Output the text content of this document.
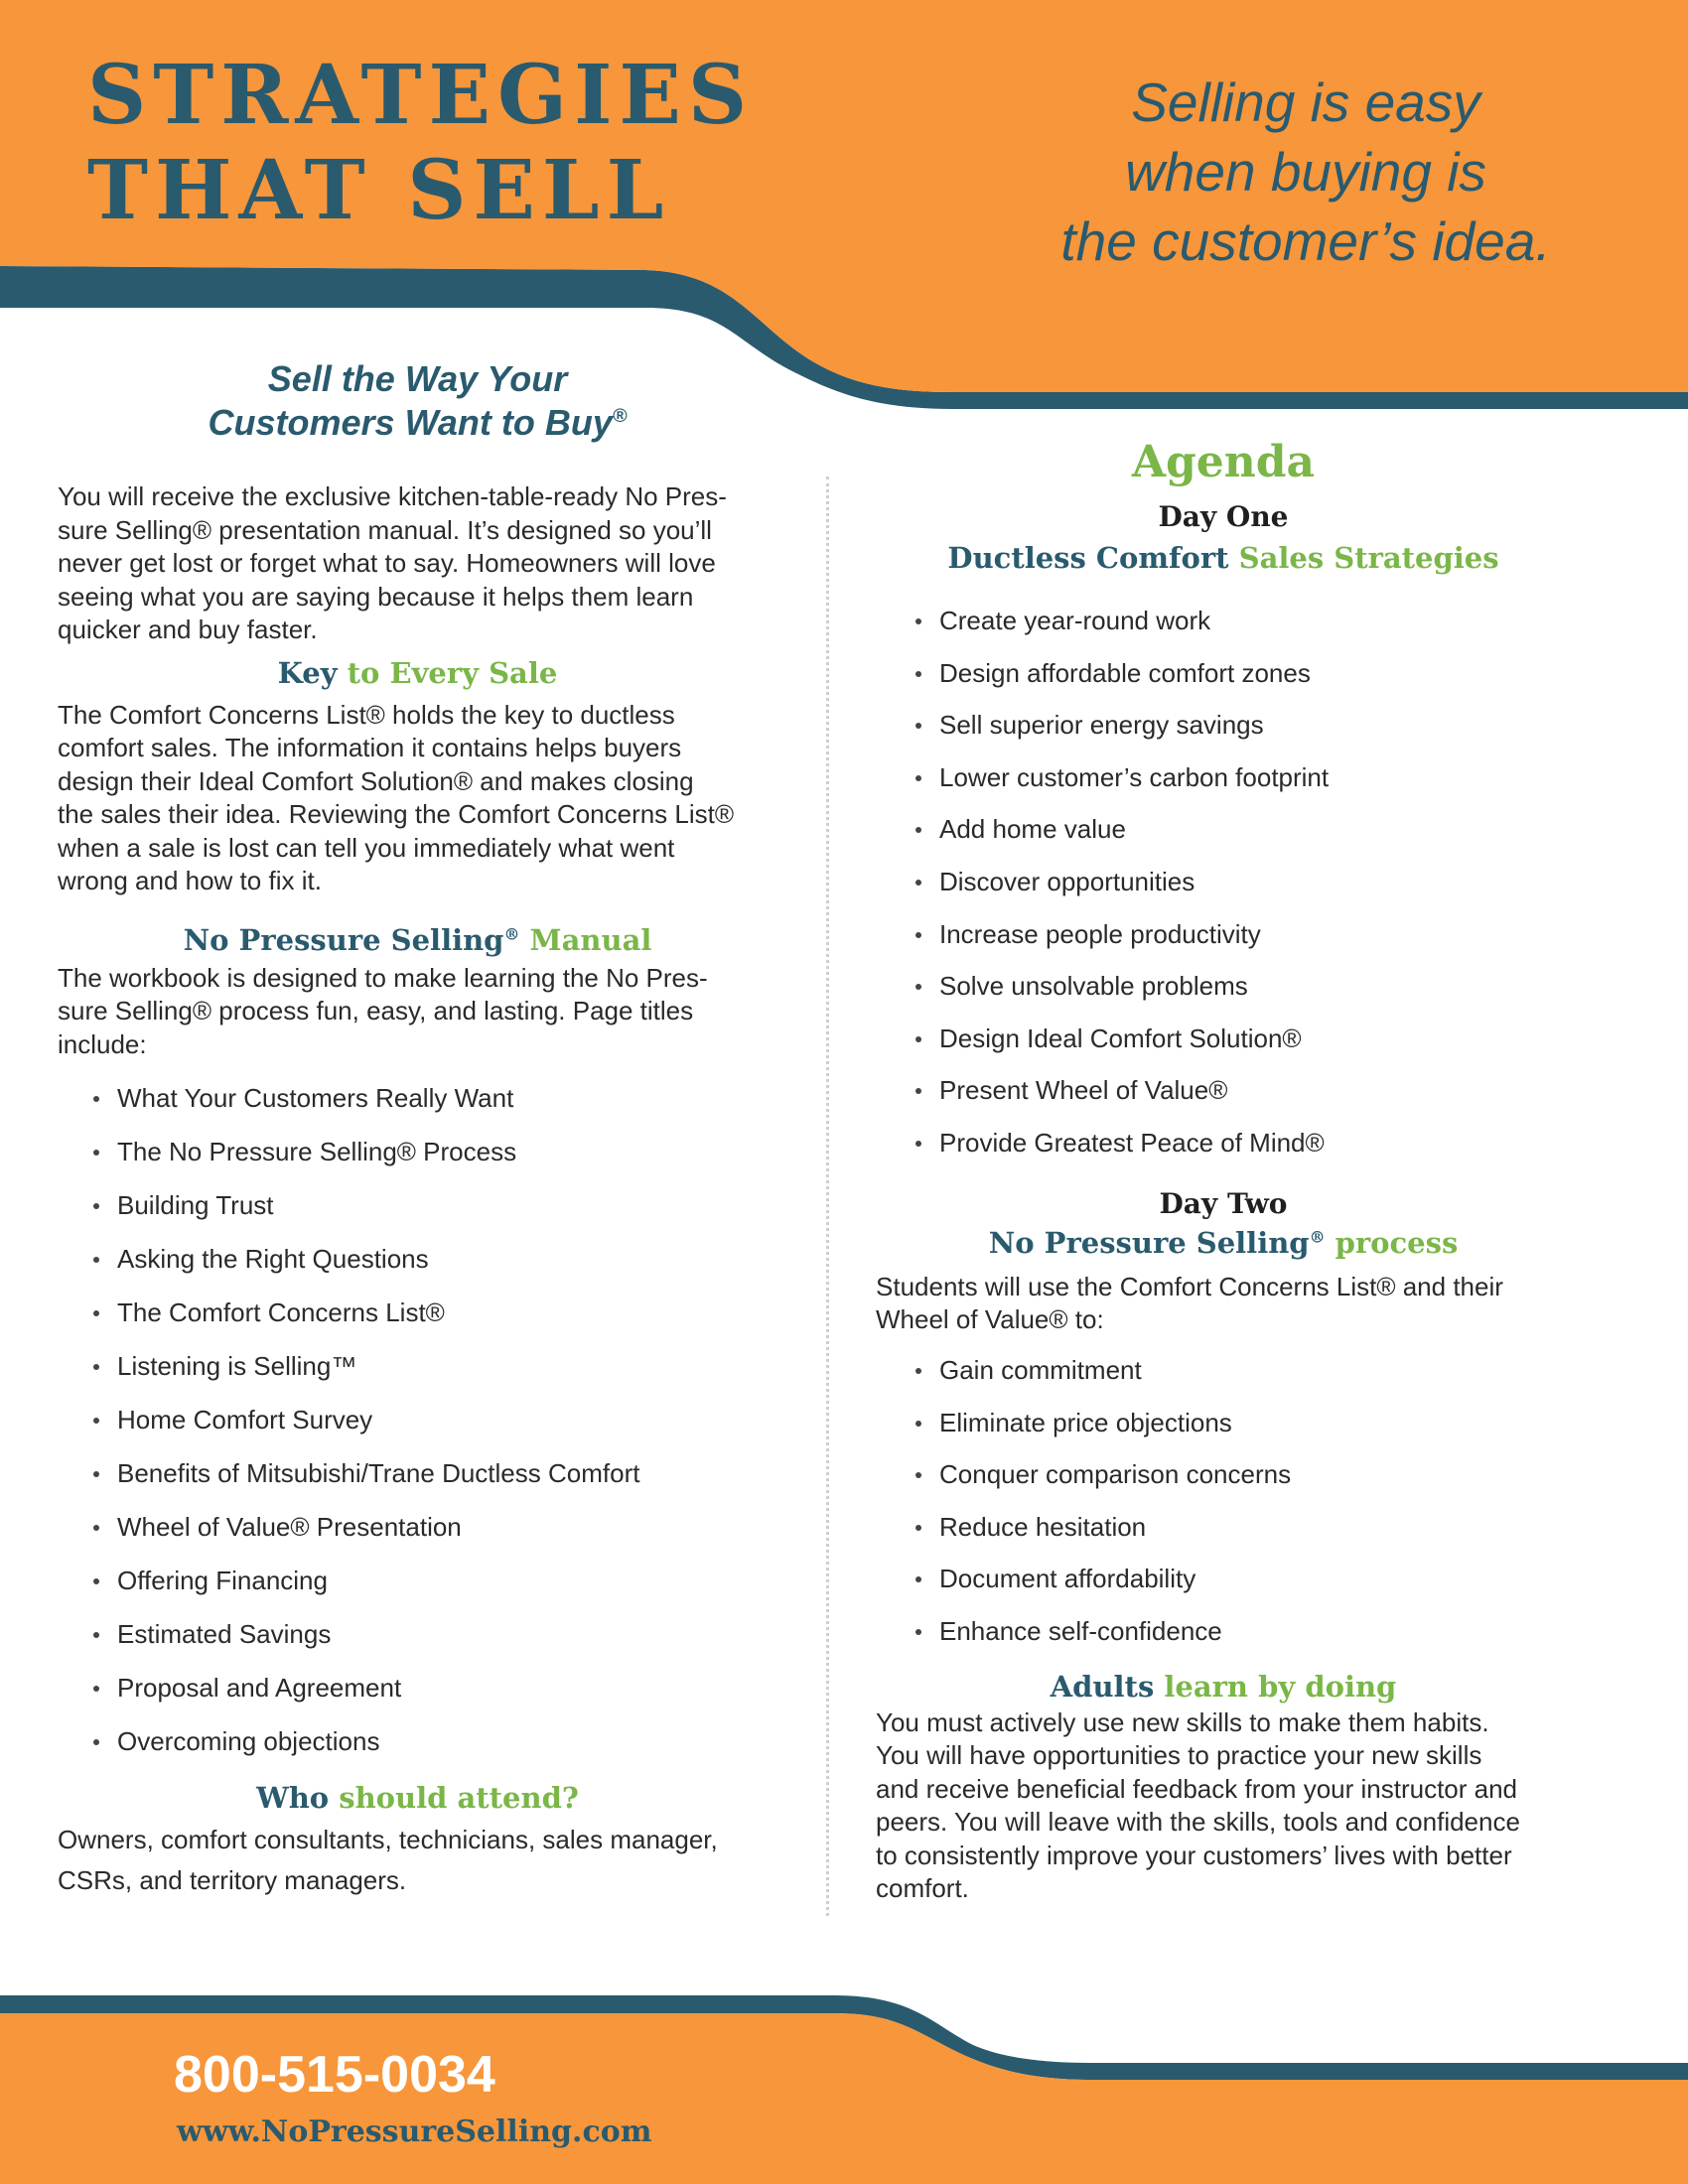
STRATEGIES
THAT SELL
Selling is easy
when buying is
the customer’s idea.
Sell the Way Your
Customers Want to Buy®
You will receive the exclusive kitchen-table-ready No Pres-
sure Selling® presentation manual. It’s designed so you’ll
never get lost or forget what to say. Homeowners will love
seeing what you are saying because it helps them learn
quicker and buy faster.
Key to Every Sale
The Comfort Concerns List® holds the key to ductless
comfort sales. The information it contains helps buyers
design their Ideal Comfort Solution® and makes closing
the sales their idea. Reviewing the Comfort Concerns List®
when a sale is lost can tell you immediately what went
wrong and how to fix it.
No Pressure Selling® Manual
The workbook is designed to make learning the No Pres-
sure Selling® process fun, easy, and lasting. Page titles
include:
What Your Customers Really Want
The No Pressure Selling® Process
Building Trust
Asking the Right Questions
The Comfort Concerns List®
Listening is Selling™
Home Comfort Survey
Benefits of Mitsubishi/Trane Ductless Comfort
Wheel of Value® Presentation
Offering Financing
Estimated Savings
Proposal and Agreement
Overcoming objections
Who should attend?
Owners, comfort consultants, technicians, sales manager,
CSRs, and territory managers.
Agenda
Day One
Ductless Comfort Sales Strategies
Create year-round work
Design affordable comfort zones
Sell superior energy savings
Lower customer’s carbon footprint
Add home value
Discover opportunities
Increase people productivity
Solve unsolvable problems
Design Ideal Comfort Solution®
Present Wheel of Value®
Provide Greatest Peace of Mind®
Day Two
No Pressure Selling® process
Students will use the Comfort Concerns List® and their
Wheel of Value® to:
Gain commitment
Eliminate price objections
Conquer comparison concerns
Reduce hesitation
Document affordability
Enhance self-confidence
Adults learn by doing
You must actively use new skills to make them habits.
You will have opportunities to practice your new skills
and receive beneficial feedback from your instructor and
peers. You will leave with the skills, tools and confidence
to consistently improve your customers’ lives with better
comfort.
800-515-0034
www.NoPressureSelling.com
